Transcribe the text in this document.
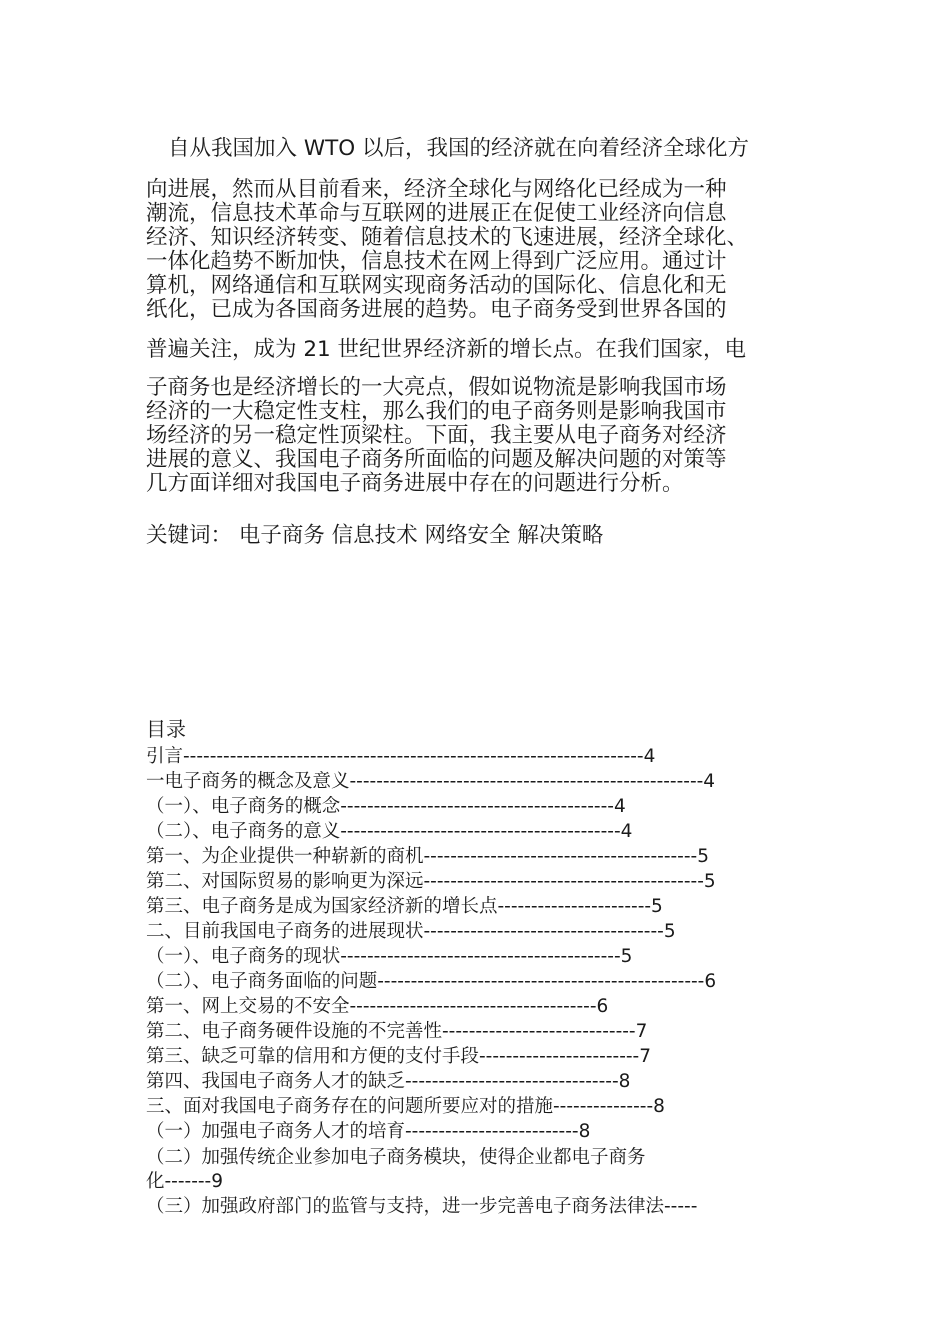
自从我国加入 WTO 以后，我国的经济就在向着经济全球化方
向进展，然而从目前看来，经济全球化与网络化已经成为一种
潮流，信息技术革命与互联网的进展正在促使工业经济向信息
经济、知识经济转变、随着信息技术的飞速进展，经济全球化、
一体化趋势不断加快，信息技术在网上得到广泛应用。通过计
算机，网络通信和互联网实现商务活动的国际化、信息化和无
纸化，已成为各国商务进展的趋势。电子商务受到世界各国的
普遍关注，成为 21 世纪世界经济新的增长点。在我们国家，电
子商务也是经济增长的一大亮点，假如说物流是影响我国市场
经济的一大稳定性支柱，那么我们的电子商务则是影响我国市
场经济的另一稳定性顶梁柱。下面，我主要从电子商务对经济
进展的意义、我国电子商务所面临的问题及解决问题的对策等
几方面详细对我国电子商务进展中存在的问题进行分析。
关键词： 电子商务 信息技术 网络安全 解决策略
目录
引言---------------------------------------------------------------------4
一电子商务的概念及意义-----------------------------------------------------4
（一）、电子商务的概念-----------------------------------------4
（二）、电子商务的意义------------------------------------------4
第一、为企业提供一种崭新的商机-----------------------------------------5
第二、对国际贸易的影响更为深远------------------------------------------5
第三、电子商务是成为国家经济新的增长点-----------------------5
二、目前我国电子商务的进展现状------------------------------------5
（一）、电子商务的现状------------------------------------------5
（二）、电子商务面临的问题-------------------------------------------------6
第一、网上交易的不安全-------------------------------------6
第二、电子商务硬件设施的不完善性-----------------------------7
第三、缺乏可靠的信用和方便的支付手段------------------------7
第四、我国电子商务人才的缺乏--------------------------------8
三、面对我国电子商务存在的问题所要应对的措施---------------8
（一）加强电子商务人才的培育--------------------------8
（二）加强传统企业参加电子商务模块，使得企业都电子商务
化-------9
（三）加强政府部门的监管与支持，进一步完善电子商务法律法-----
